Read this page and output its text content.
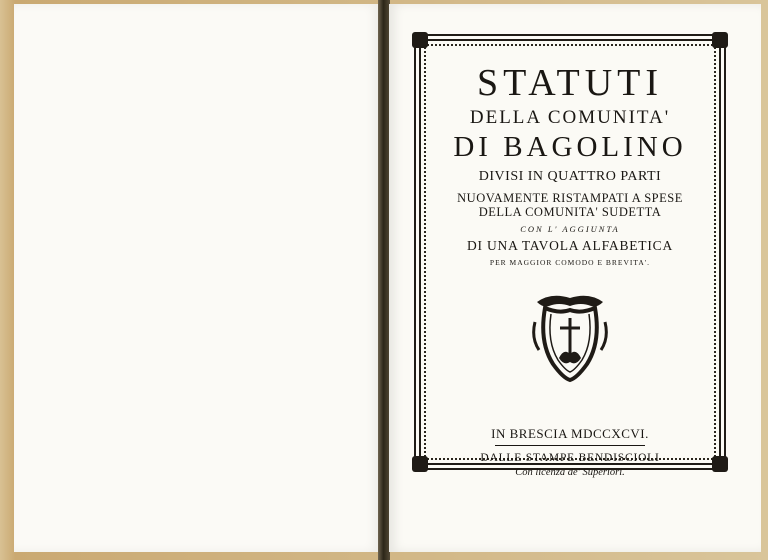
STATUTI
DELLA COMUNITA'
DI BAGOLINO
DIVISI IN QUATTRO PARTI
NUOVAMENTE RISTAMPATI A SPESE
DELLA COMUNITA' SUDETTA
CON L' AGGIUNTA
DI UNA TAVOLA ALFABETICA
PER MAGGIOR COMODO E BREVITA'.
IN BRESCIA MDCCXCVI.
DALLE STAMPE BENDISCIOLI
Con licenza de' Superiori.
